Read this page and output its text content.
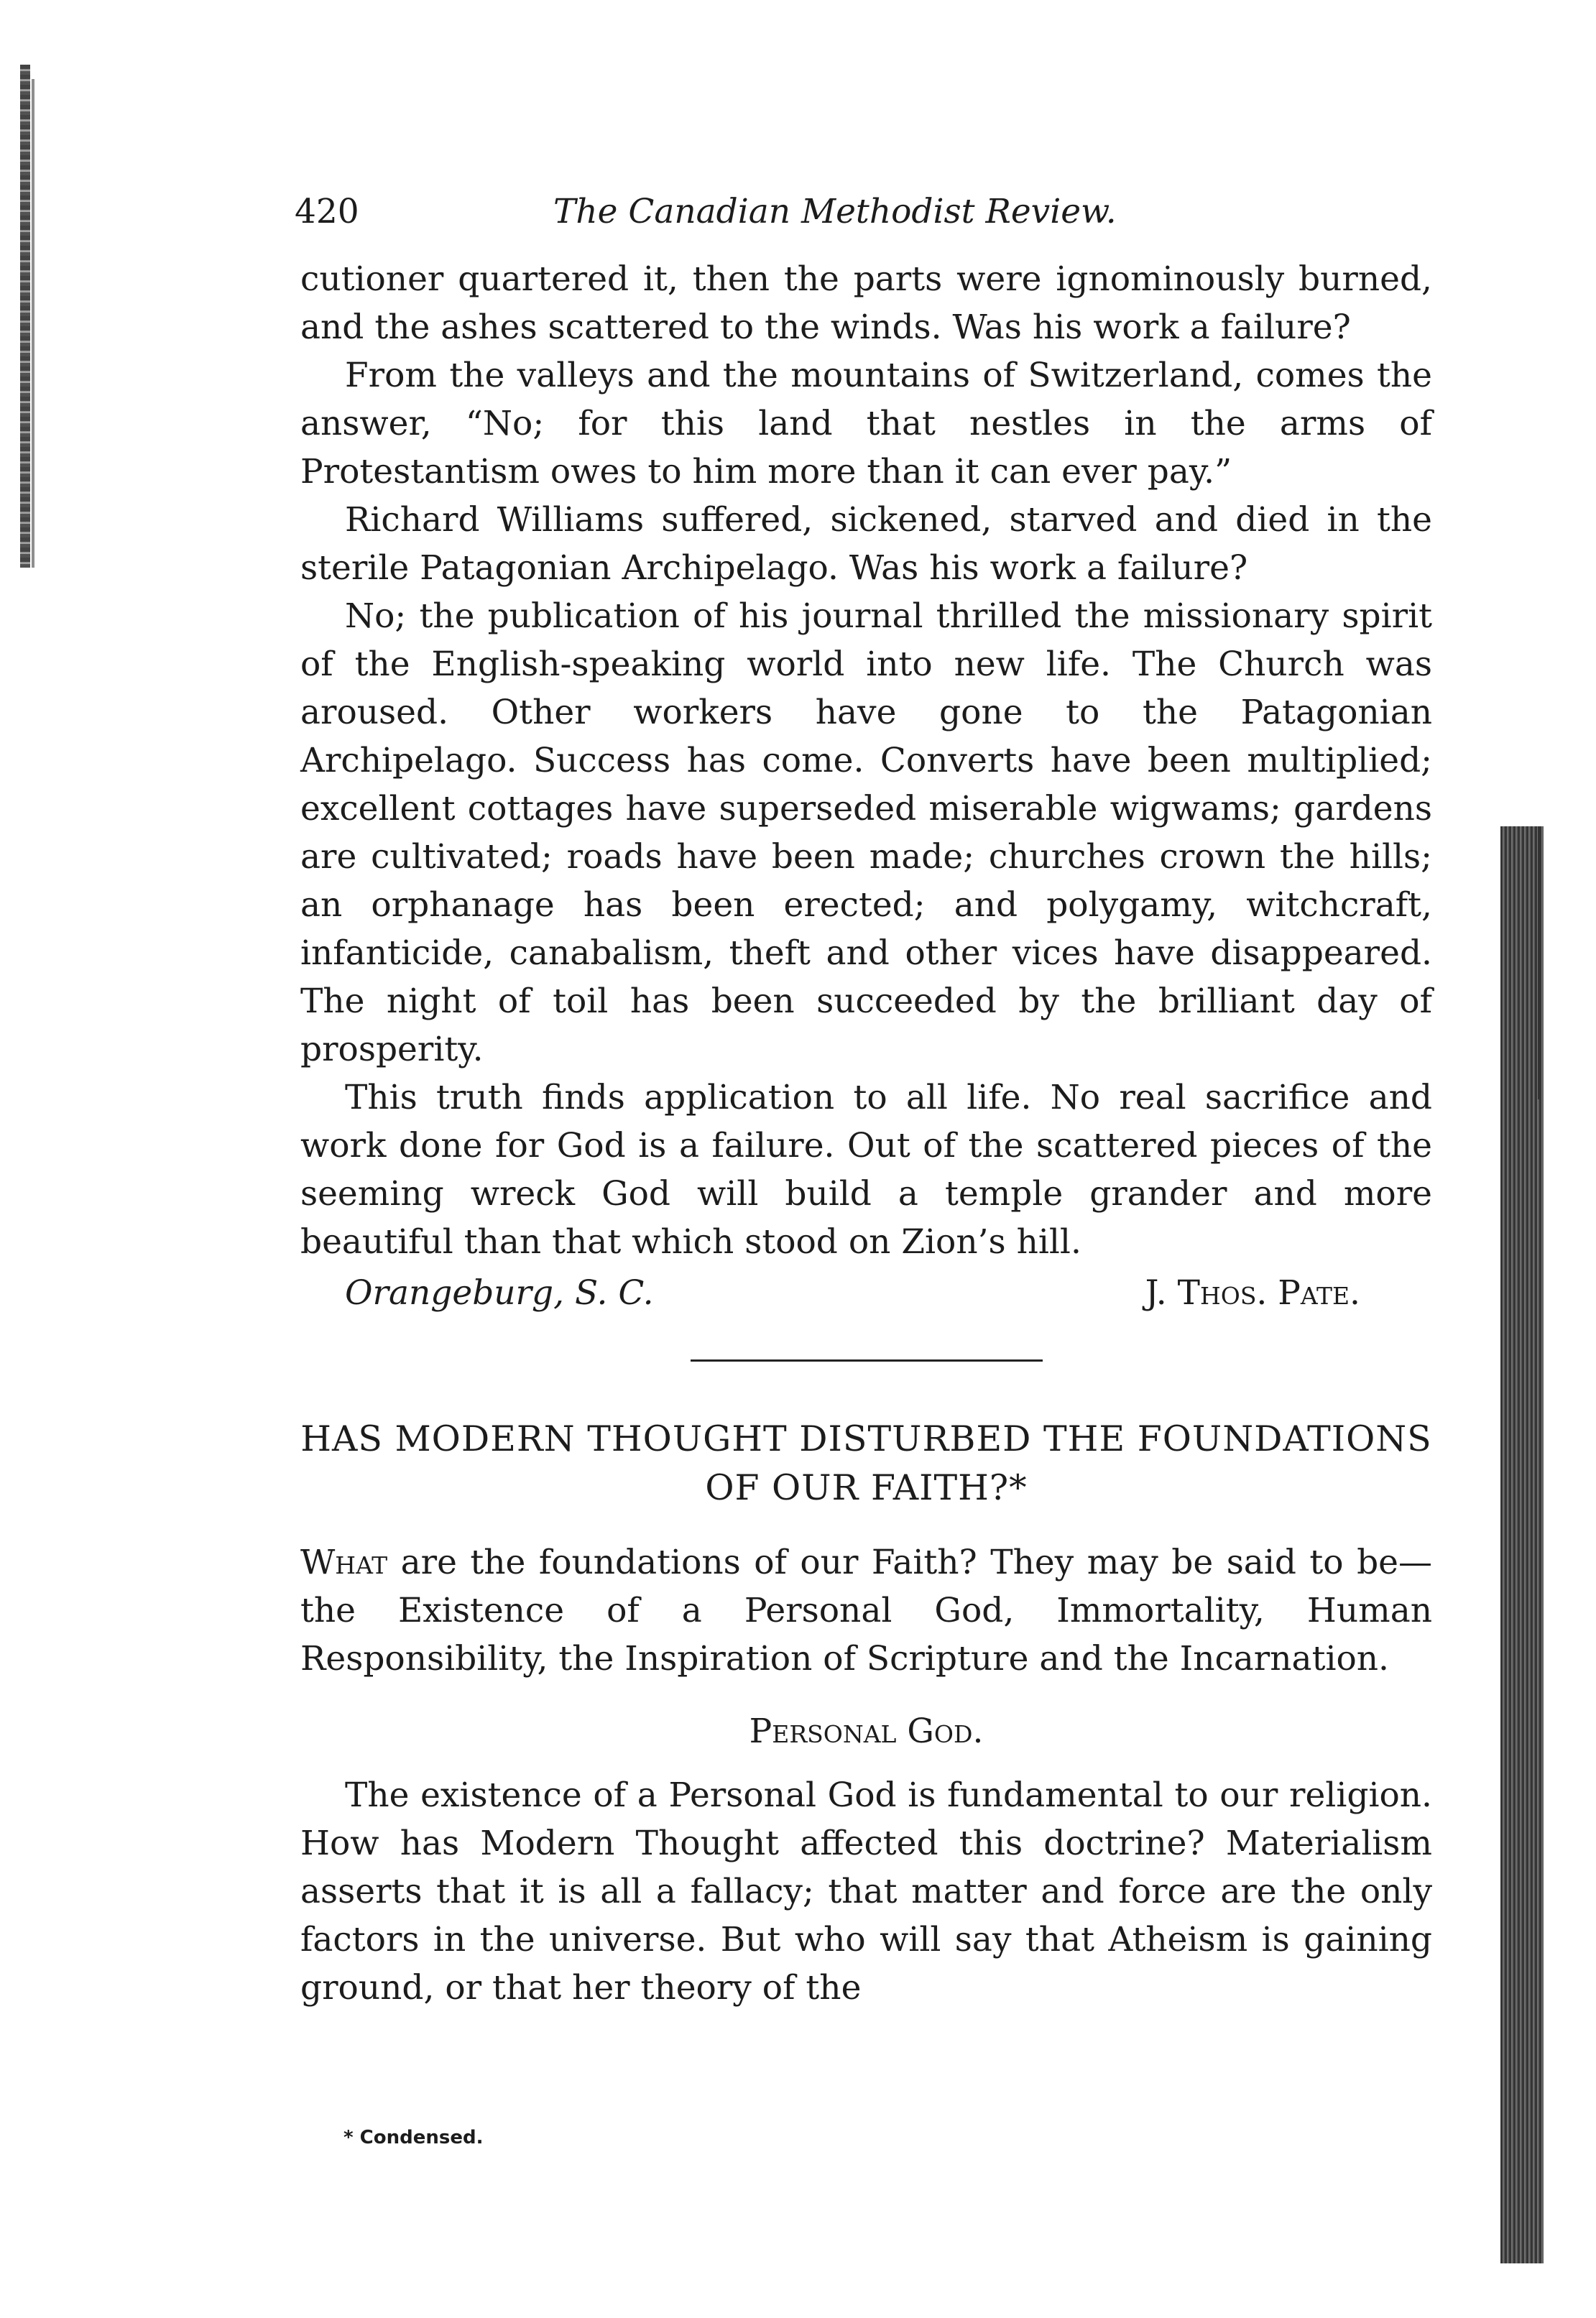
420	The Canadian Methodist Review.

cutioner quartered it, then the parts were ignominously burned, and the ashes scattered to the winds. Was his work a failure?

From the valleys and the mountains of Switzerland, comes the answer, “No; for this land that nestles in the arms of Protestantism owes to him more than it can ever pay.”

Richard Williams suffered, sickened, starved and died in the sterile Patagonian Archipelago. Was his work a failure?

No; the publication of his journal thrilled the missionary spirit of the English-speaking world into new life. The Church was aroused. Other workers have gone to the Patagonian Archipelago. Success has come. Converts have been multiplied; excellent cottages have superseded miserable wigwams; gardens are cultivated; roads have been made; churches crown the hills; an orphanage has been erected; and polygamy, witchcraft, infanticide, canabalism, theft and other vices have disappeared. The night of toil has been succeeded by the brilliant day of prosperity.

This truth finds application to all life. No real sacrifice and work done for God is a failure. Out of the scattered pieces of the seeming wreck God will build a temple grander and more beautiful than that which stood on Zion’s hill.

Orangeburg, S. C.	J. Thos. Pate.
HAS MODERN THOUGHT DISTURBED THE FOUNDATIONS OF OUR FAITH?*

What are the foundations of our Faith? They may be said to be—the Existence of a Personal God, Immortality, Human Responsibility, the Inspiration of Scripture and the Incarnation.

Personal God.

The existence of a Personal God is fundamental to our religion. How has Modern Thought affected this doctrine? Materialism asserts that it is all a fallacy; that matter and force are the only factors in the universe. But who will say that Atheism is gaining ground, or that her theory of the

* Condensed.
